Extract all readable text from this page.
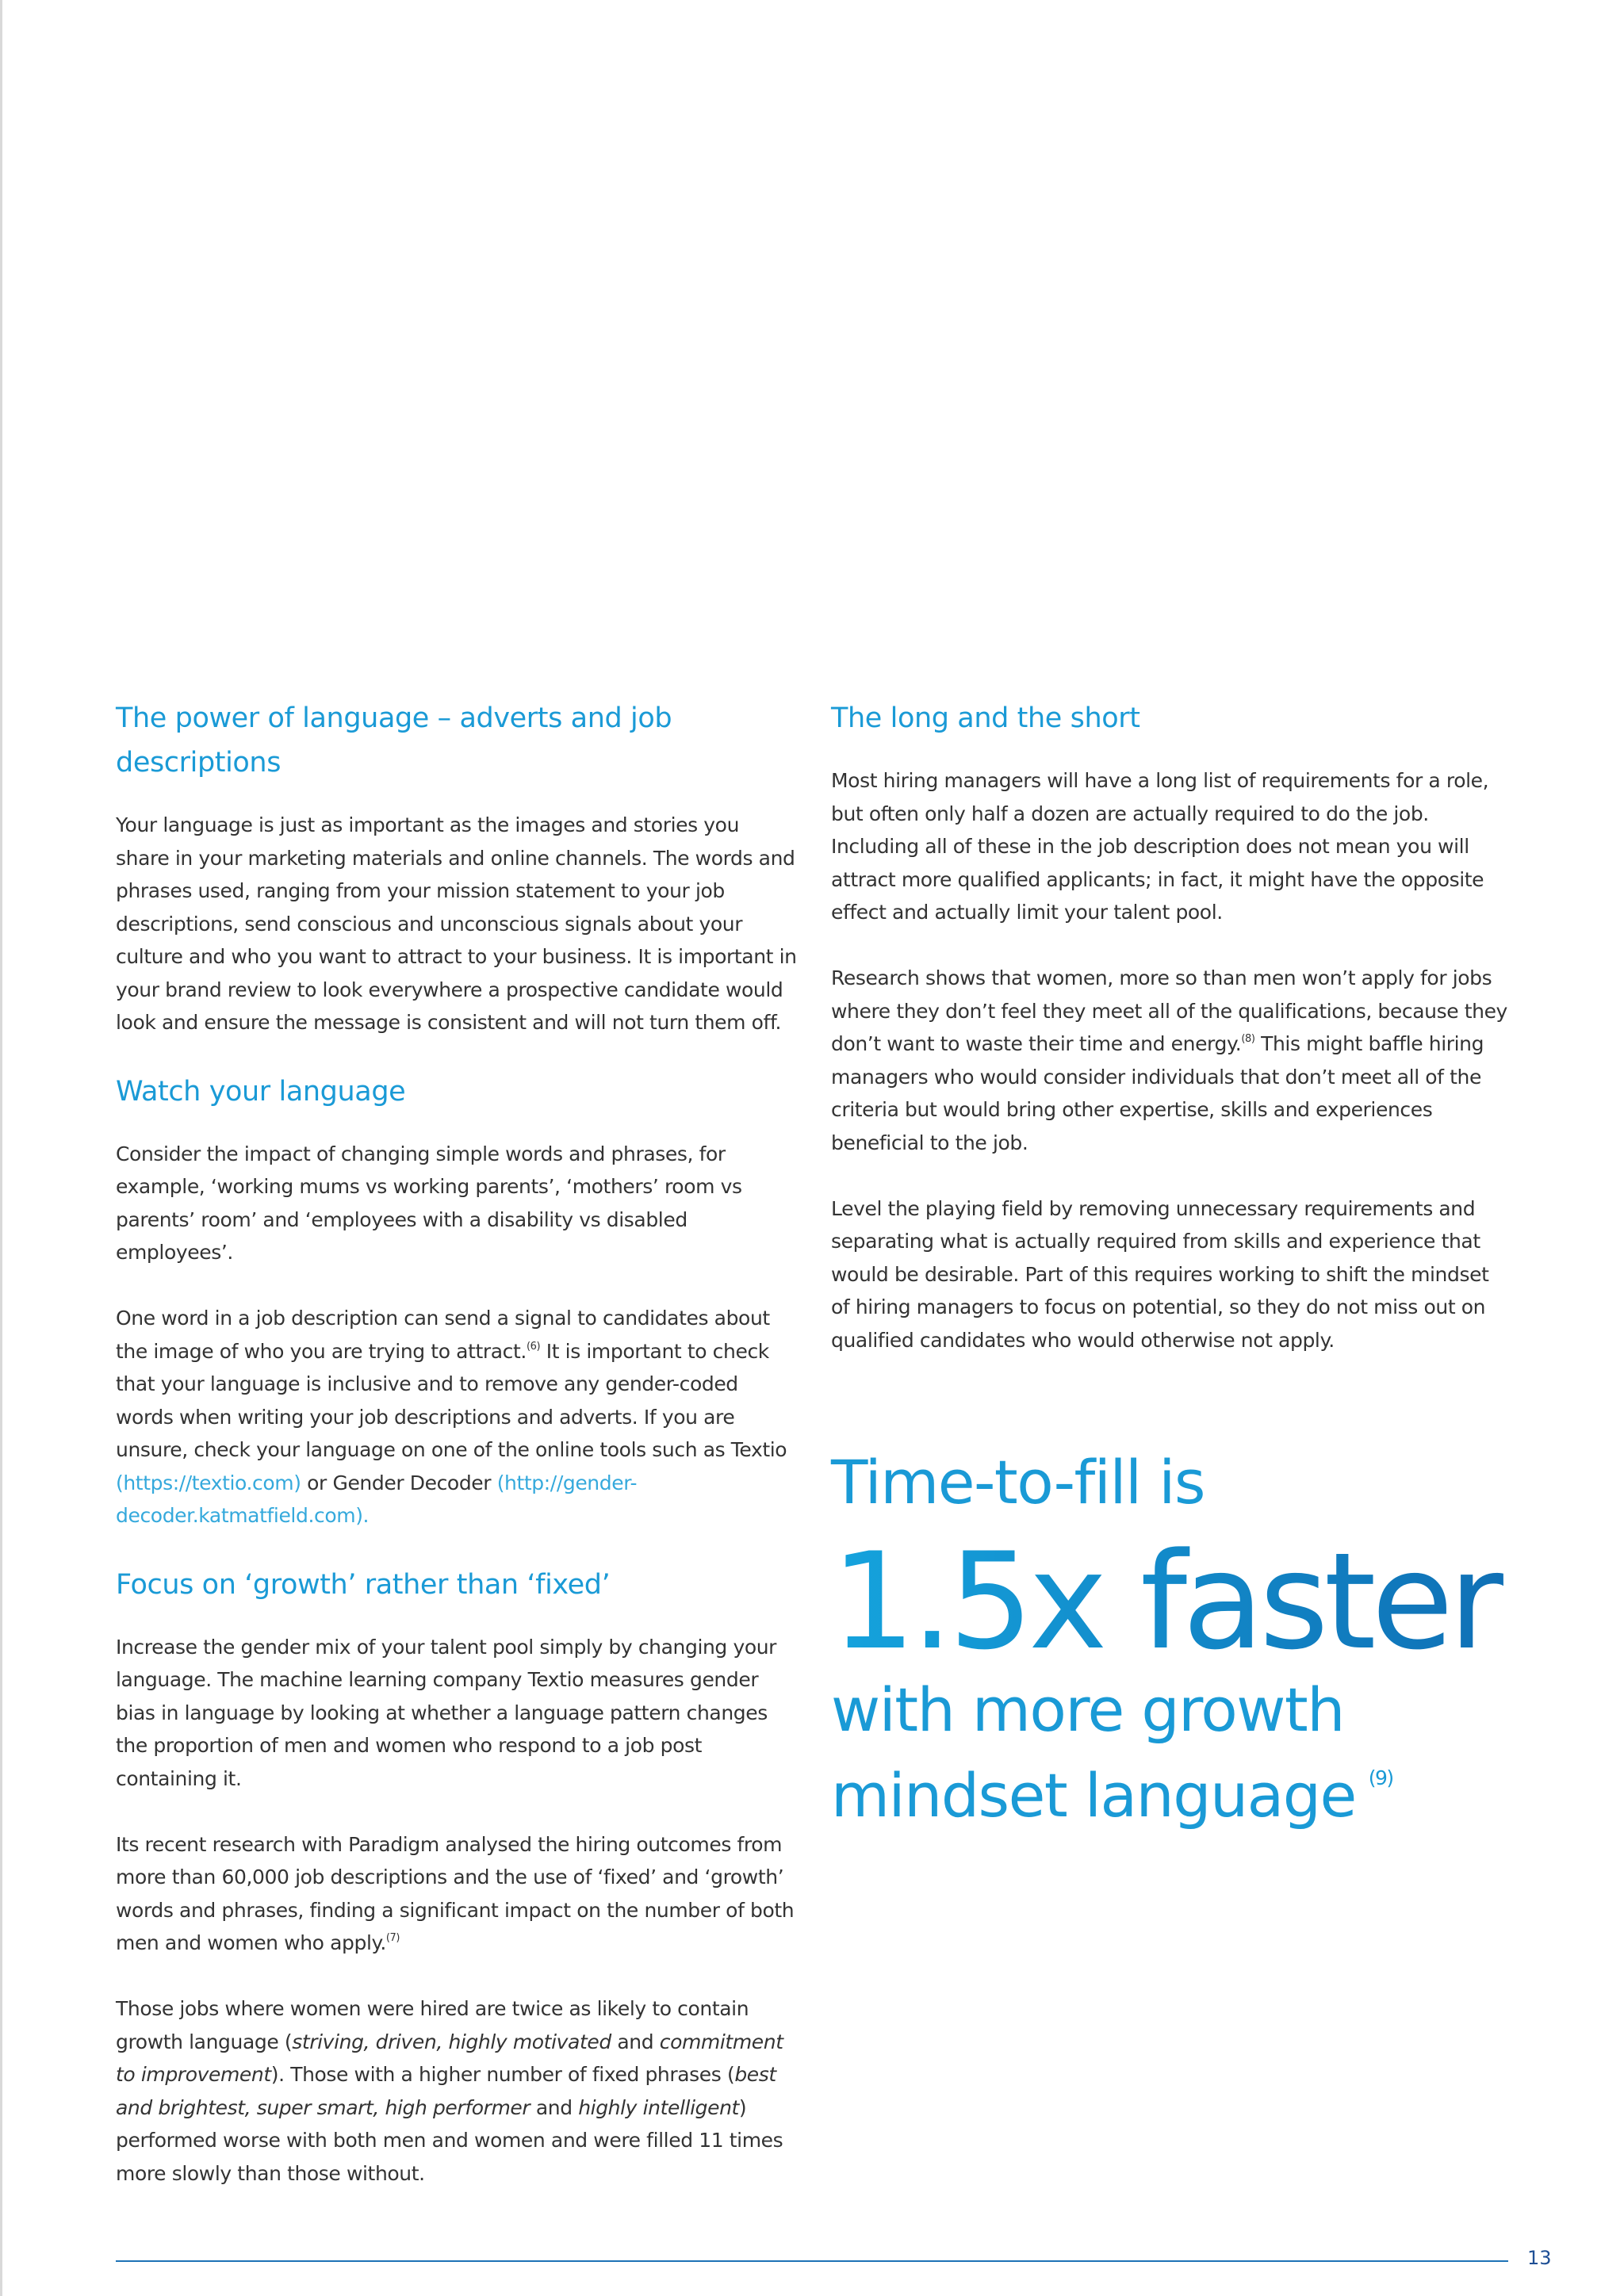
The power of language – adverts and job descriptions

Your language is just as important as the images and stories you share in your marketing materials and online channels. The words and phrases used, ranging from your mission statement to your job descriptions, send conscious and unconscious signals about your culture and who you want to attract to your business. It is important in your brand review to look everywhere a prospective candidate would look and ensure the message is consistent and will not turn them off.

Watch your language

Consider the impact of changing simple words and phrases, for example, ‘working mums vs working parents’, ‘mothers’ room vs parents’ room’ and ‘employees with a disability vs disabled employees’.

One word in a job description can send a signal to candidates about the image of who you are trying to attract.$^{(6)}$ It is important to check that your language is inclusive and to remove any gender-coded words when writing your job descriptions and adverts. If you are unsure, check your language on one of the online tools such as Textio (https://textio.com) or Gender Decoder (http://gender-decoder.katmatfield.com).

Focus on ‘growth’ rather than ‘fixed’

Increase the gender mix of your talent pool simply by changing your language. The machine learning company Textio measures gender bias in language by looking at whether a language pattern changes the proportion of men and women who respond to a job post containing it.

Its recent research with Paradigm analysed the hiring outcomes from more than 60,000 job descriptions and the use of ‘fixed’ and ‘growth’ words and phrases, finding a significant impact on the number of both men and women who apply.$^{(7)}$

Those jobs where women were hired are twice as likely to contain growth language (striving, driven, highly motivated and commitment to improvement). Those with a higher number of fixed phrases (best and brightest, super smart, high performer and highly intelligent) performed worse with both men and women and were filled 11 times more slowly than those without.

The long and the short

Most hiring managers will have a long list of requirements for a role, but often only half a dozen are actually required to do the job. Including all of these in the job description does not mean you will attract more qualified applicants; in fact, it might have the opposite effect and actually limit your talent pool.

Research shows that women, more so than men won’t apply for jobs where they don’t feel they meet all of the qualifications, because they don’t want to waste their time and energy.$^{(8)}$ This might baffle hiring managers who would consider individuals that don’t meet all of the criteria but would bring other expertise, skills and experiences beneficial to the job.

Level the playing field by removing unnecessary requirements and separating what is actually required from skills and experience that would be desirable. Part of this requires working to shift the mindset of hiring managers to focus on potential, so they do not miss out on qualified candidates who would otherwise not apply.

Time-to-fill is
1.5x faster
with more growth
mindset language $^{(9)}$
13
